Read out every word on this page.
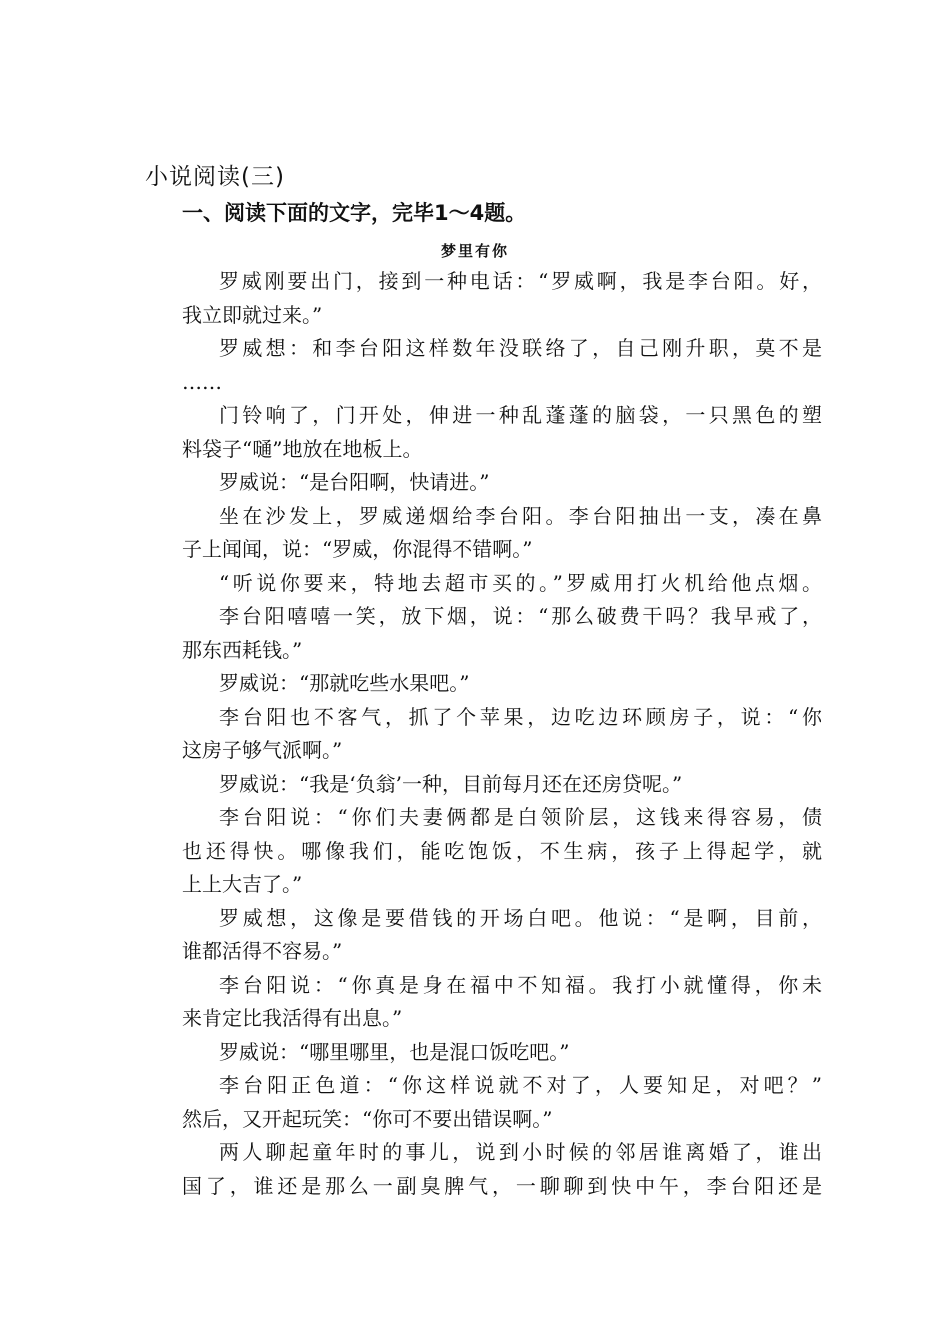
小说阅读(三)
一、阅读下面的文字，完毕1～4题。
梦里有你
罗威刚要出门，接到一种电话：“罗威啊，我是李台阳。好，
我立即就过来。”
罗威想：和李台阳这样数年没联络了，自己刚升职，莫不是
……
门铃响了，门开处，伸进一种乱蓬蓬的脑袋，一只黑色的塑
料袋子“嗵”地放在地板上。
罗威说：“是台阳啊，快请进。”
坐在沙发上，罗威递烟给李台阳。李台阳抽出一支，凑在鼻
子上闻闻，说：“罗威，你混得不错啊。”
“听说你要来，特地去超市买的。”罗威用打火机给他点烟。
李台阳嘻嘻一笑，放下烟，说：“那么破费干吗？我早戒了，
那东西耗钱。”
罗威说：“那就吃些水果吧。”
李台阳也不客气，抓了个苹果，边吃边环顾房子，说：“你
这房子够气派啊。”
罗威说：“我是‘负翁’一种，目前每月还在还房贷呢。”
李台阳说：“你们夫妻俩都是白领阶层，这钱来得容易，债
也还得快。哪像我们，能吃饱饭，不生病，孩子上得起学，就
上上大吉了。”
罗威想，这像是要借钱的开场白吧。他说：“是啊，目前，
谁都活得不容易。”
李台阳说：“你真是身在福中不知福。我打小就懂得，你未
来肯定比我活得有出息。”
罗威说：“哪里哪里，也是混口饭吃吧。”
李台阳正色道：“你这样说就不对了，人要知足，对吧？”
然后，又开起玩笑：“你可不要出错误啊。”
两人聊起童年时的事儿，说到小时候的邻居谁离婚了，谁出
国了，谁还是那么一副臭脾气，一聊聊到快中午，李台阳还是
